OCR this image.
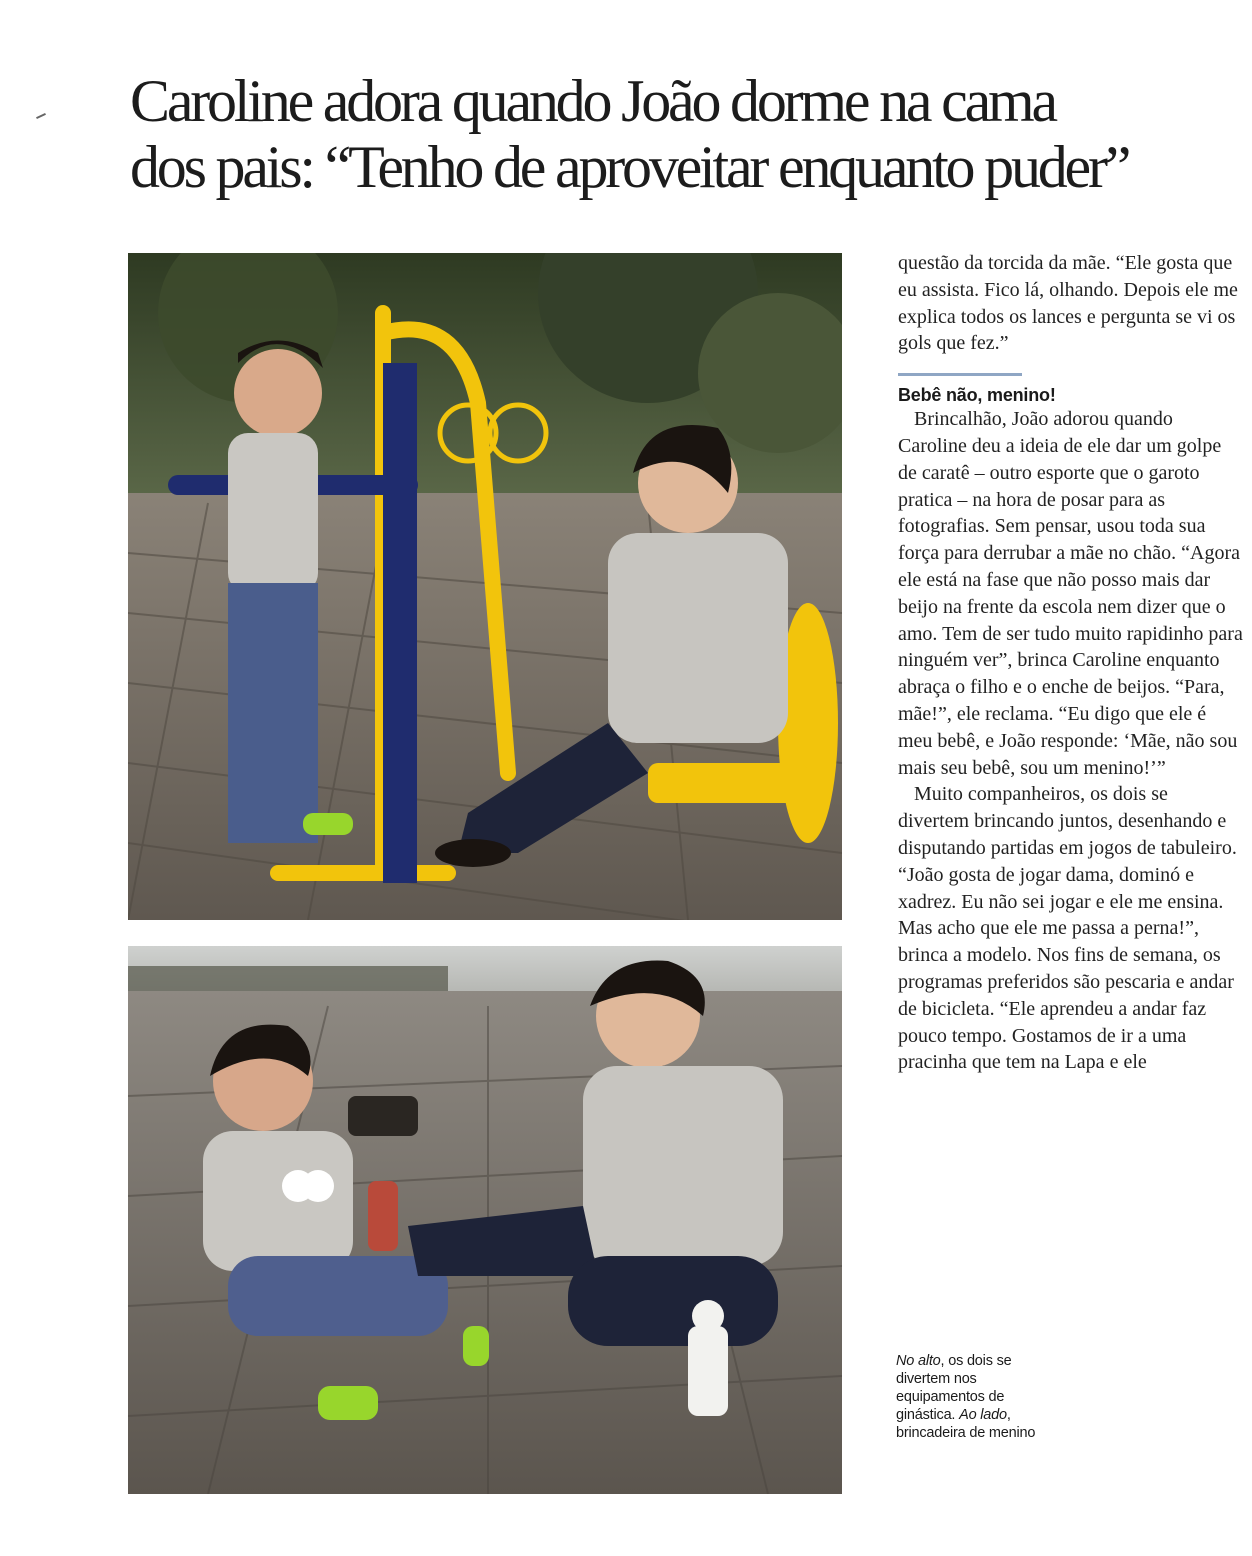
Caroline adora quando João dorme na cama
dos pais: “Tenho de aproveitar enquanto puder”

questão da torcida da mãe. “Ele gosta que eu assista. Fico lá, olhando. Depois ele me explica todos os lances e pergunta se vi os gols que fez.”

Bebê não, menino!

Brincalhão, João adorou quando Caroline deu a ideia de ele dar um golpe de caratê – outro esporte que o garoto pratica – na hora de posar para as fotografias. Sem pensar, usou toda sua força para derrubar a mãe no chão. “Agora ele está na fase que não posso mais dar beijo na frente da escola nem dizer que o amo. Tem de ser tudo muito rapidinho para ninguém ver”, brinca Caroline enquanto abraça o filho e o enche de beijos. “Para, mãe!”, ele reclama. “Eu digo que ele é meu bebê, e João responde: ‘Mãe, não sou mais seu bebê, sou um menino!’”

Muito companheiros, os dois se divertem brincando juntos, desenhando e disputando partidas em jogos de tabuleiro. “João gosta de jogar dama, dominó e xadrez. Eu não sei jogar e ele me ensina. Mas acho que ele me passa a perna!”, brinca a modelo. Nos fins de semana, os programas preferidos são pescaria e andar de bicicleta. “Ele aprendeu a andar faz pouco tempo. Gostamos de ir a uma pracinha que tem na Lapa e ele

No alto, os dois se divertem nos equipamentos de ginástica. Ao lado, brincadeira de menino
